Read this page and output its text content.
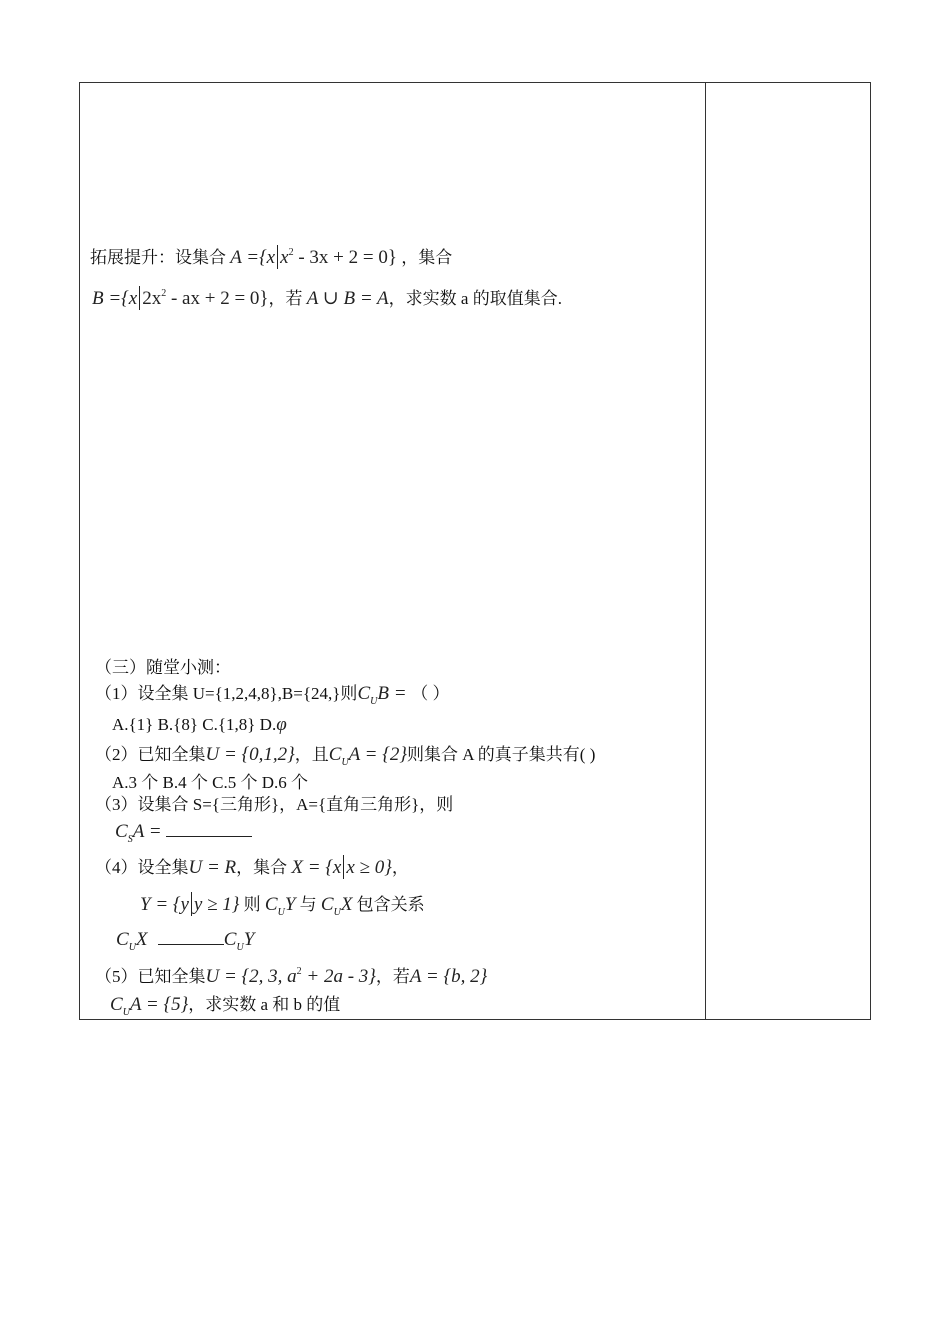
拓展提升：设集合 A ={x $x^2 - 3x + 2 = 0$} ，集合
B ={x $2x^2$ - ax + 2 = 0}，若 A ∪ B = A，求实数 a 的取值集合.
（三）随堂小测：
（1）设全集 U={1,2,4,8},B={24,}则$C_UB$ = （ ）
A.{1} B.{8} C.{1,8} D.φ
（2）已知全集U = {0,1,2}，且$C_UA = \{2\}$则集合 A 的真子集共有( )
A.3 个 B.4 个 C.5 个 D.6 个
（3）设集合 S={三角形}，A={直角三角形}，则
$C_SA$ =
（4）设全集U = R，集合 X = {x x ≥ 0}，
Y = {y y ≥ 1} 则 $C_UY$ 与 $C_UX$ 包含关系
$C_UX$	$C_UY$
（5）已知全集U = {2, 3, $a^2 + 2a - 3$}，若A = {b, 2}
$C_UA = \{5\}$，求实数 a 和 b 的值
